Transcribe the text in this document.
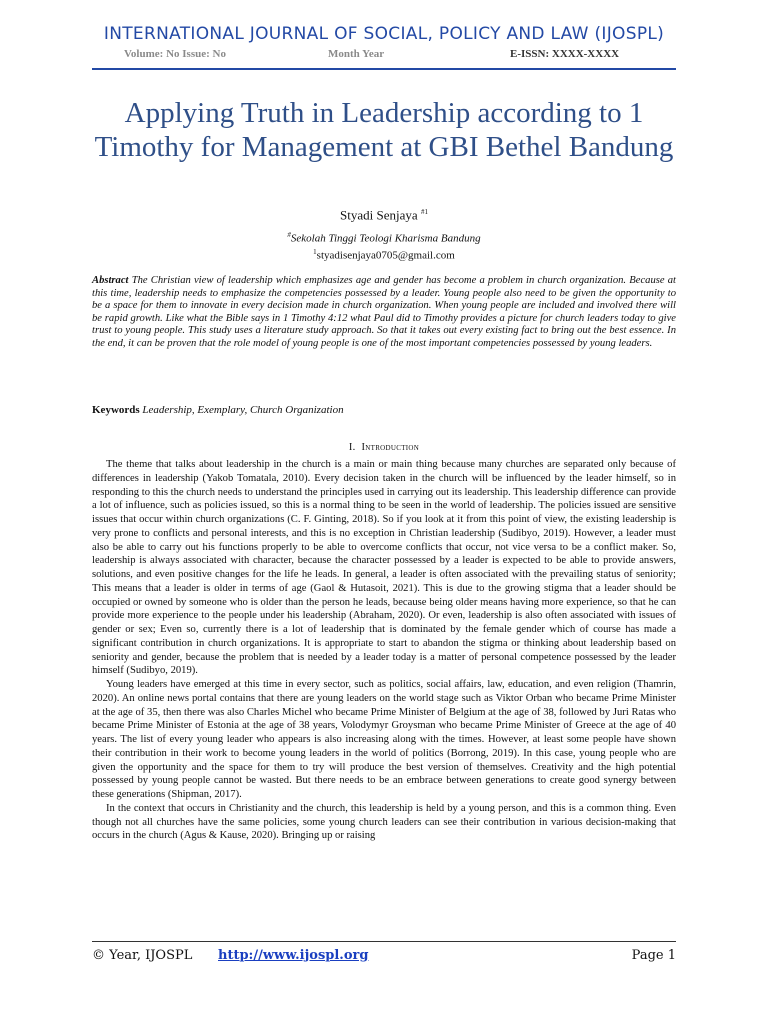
INTERNATIONAL JOURNAL OF SOCIAL, POLICY AND LAW (IJOSPL)
Volume: No Issue: No	Month Year	E-ISSN: XXXX-XXXX
Applying Truth in Leadership according to 1 Timothy for Management at GBI Bethel Bandung
Styadi Senjaya $^{\#1}$
#Sekolah Tinggi Teologi Kharisma Bandung
$^1$styadisenjaya0705@gmail.com
Abstract The Christian view of leadership which emphasizes age and gender has become a problem in church organization. Because at this time, leadership needs to emphasize the competencies possessed by a leader. Young people also need to be given the opportunity to be a space for them to innovate in every decision made in church organization. When young people are included and involved there will be rapid growth. Like what the Bible says in 1 Timothy 4:12 what Paul did to Timothy provides a picture for church leaders today to give trust to young people. This study uses a literature study approach. So that it takes out every existing fact to bring out the best essence. In the end, it can be proven that the role model of young people is one of the most important competencies possessed by young leaders.
Keywords Leadership, Exemplary, Church Organization
I. Introduction

The theme that talks about leadership in the church is a main or main thing because many churches are separated only because of differences in leadership (Yakob Tomatala, 2010). Every decision taken in the church will be influenced by the leader himself, so in responding to this the church needs to understand the principles used in carrying out its leadership. This leadership difference can provide a lot of influence, such as policies issued, so this is a normal thing to be seen in the world of leadership. The policies issued are sensitive issues that occur within church organizations (C. F. Ginting, 2018). So if you look at it from this point of view, the existing leadership is very prone to conflicts and personal interests, and this is no exception in Christian leadership (Sudibyo, 2019). However, a leader must also be able to carry out his functions properly to be able to overcome conflicts that occur, not vice versa to be a conflict maker. So, leadership is always associated with character, because the character possessed by a leader is expected to be able to provide answers, solutions, and even positive changes for the life he leads. In general, a leader is often associated with the prevailing status of seniority; This means that a leader is older in terms of age (Gaol & Hutasoit, 2021). This is due to the growing stigma that a leader should be occupied or owned by someone who is older than the person he leads, because being older means having more experience, so that he can provide more experience to the people under his leadership (Abraham, 2020). Or even, leadership is also often associated with issues of gender or sex; Even so, currently there is a lot of leadership that is dominated by the female gender which of course has made a significant contribution in church organizations. It is appropriate to start to abandon the stigma or thinking about leadership based on seniority and gender, because the problem that is needed by a leader today is a matter of personal competence possessed by the leader himself (Sudibyo, 2019).

Young leaders have emerged at this time in every sector, such as politics, social affairs, law, education, and even religion (Thamrin, 2020). An online news portal contains that there are young leaders on the world stage such as Viktor Orban who became Prime Minister at the age of 35, then there was also Charles Michel who became Prime Minister of Belgium at the age of 38, followed by Juri Ratas who became Prime Minister of Estonia at the age of 38 years, Volodymyr Groysman who became Prime Minister of Greece at the age of 40 years. The list of every young leader who appears is also increasing along with the times. However, at least some people have shown their contribution in their work to become young leaders in the world of politics (Borrong, 2019). In this case, young people who are given the opportunity and the space for them to try will produce the best version of themselves. Creativity and the high potential possessed by young people cannot be wasted. But there needs to be an embrace between generations to create good synergy between these generations (Shipman, 2017).

In the context that occurs in Christianity and the church, this leadership is held by a young person, and this is a common thing. Even though not all churches have the same policies, some young church leaders can see their contribution in various decision-making that occurs in the church (Agus & Kause, 2020). Bringing up or raising

© Year, IJOSPL http://www.ijospl.org	Page 1
